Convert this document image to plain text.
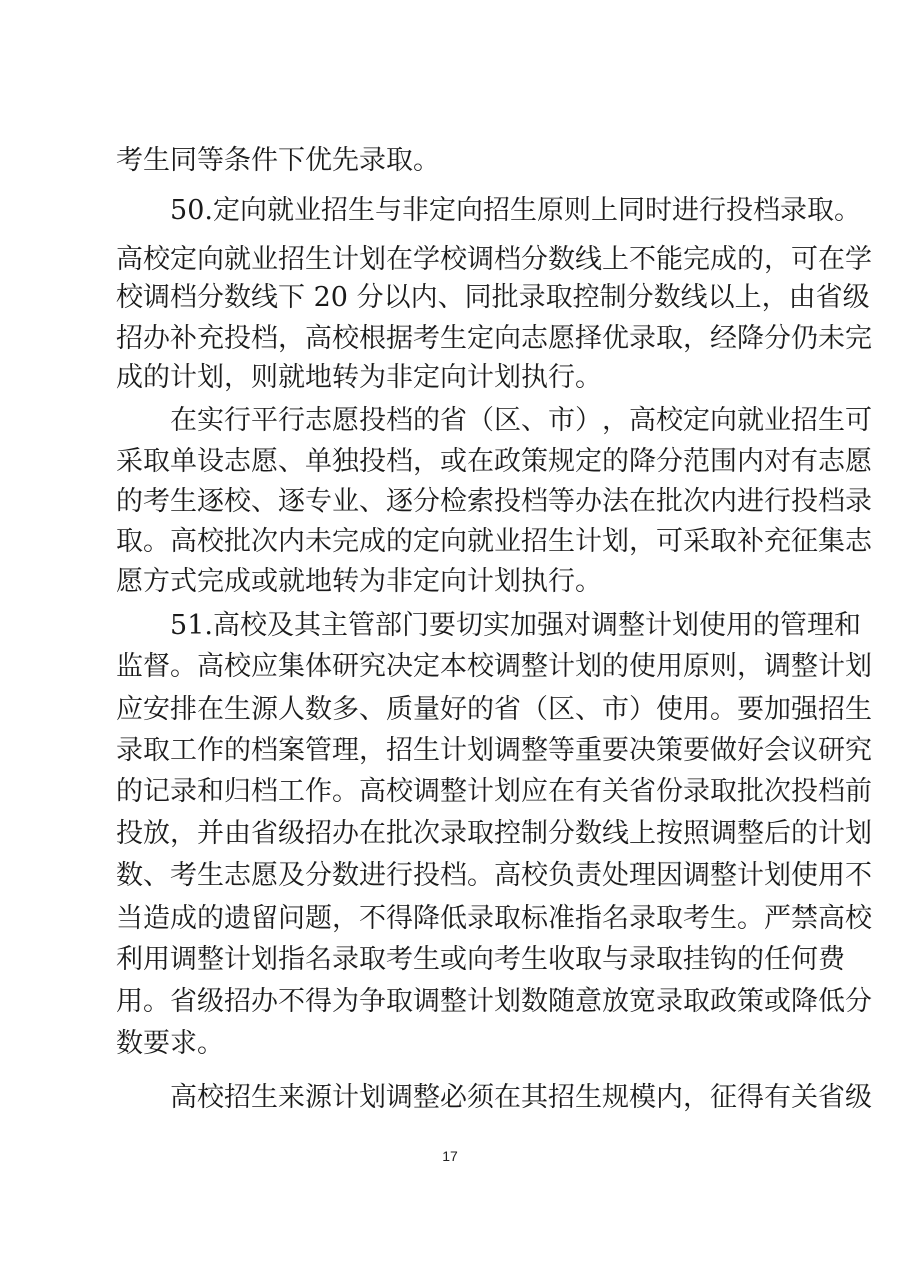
考生同等条件下优先录取。
5 0 . 定 向 就 业 招 生 与 非 定 向 招 生 原 则 上 同 时 进 行 投 档 录 取 。
高 校 定 向 就 业 招 生 计 划 在 学 校 调 档 分 数 线 上 不 能 完 成 的 ， 可 在 学
校 调 档 分 数 线 下
2 0
分 以 内 、 同 批 录 取 控 制 分 数 线 以 上 ， 由 省 级
招 办 补 充 投 档 ， 高 校 根 据 考 生 定 向 志 愿 择 优 录 取 ， 经 降 分 仍 未 完
成的计划，则就地转为非定向计划执行。
在 实 行 平 行 志 愿 投 档 的 省 （ 区 、 市 ） ， 高 校 定 向 就 业 招 生 可
采 取 单 设 志 愿 、 单 独 投 档 ， 或 在 政 策 规 定 的 降 分 范 围 内 对 有 志 愿
的 考 生 逐 校 、 逐 专 业 、 逐 分 检 索 投 档 等 办 法 在 批 次 内 进 行 投 档 录
取 。 高 校 批 次 内 未 完 成 的 定 向 就 业 招 生 计 划 ， 可 采 取 补 充 征 集 志
愿方式完成或就地转为非定向计划执行。
5 1 . 高 校 及 其 主 管 部 门 要 切 实 加 强 对 调 整 计 划 使 用 的 管 理 和
监 督 。 高 校 应 集 体 研 究 决 定 本 校 调 整 计 划 的 使 用 原 则 ， 调 整 计 划
应 安 排 在 生 源 人 数 多 、 质 量 好 的 省 （ 区 、 市 ） 使 用 。 要 加 强 招 生
录 取 工 作 的 档 案 管 理 ， 招 生 计 划 调 整 等 重 要 决 策 要 做 好 会 议 研 究
的 记 录 和 归 档 工 作 。 高 校 调 整 计 划 应 在 有 关 省 份 录 取 批 次 投 档 前
投 放 ， 并 由 省 级 招 办 在 批 次 录 取 控 制 分 数 线 上 按 照 调 整 后 的 计 划
数 、 考 生 志 愿 及 分 数 进 行 投 档 。 高 校 负 责 处 理 因 调 整 计 划 使 用 不
当 造 成 的 遗 留 问 题 ， 不 得 降 低 录 取 标 准 指 名 录 取 考 生 。 严 禁 高 校
利 用 调 整 计 划 指 名 录 取 考 生 或 向 考 生 收 取 与 录 取 挂 钩 的 任 何 费
用 。 省 级 招 办 不 得 为 争 取 调 整 计 划 数 随 意 放 宽 录 取 政 策 或 降 低 分
数要求。
高 校 招 生 来 源 计 划 调 整 必 须 在 其 招 生 规 模 内 ， 征 得 有 关 省 级
17
